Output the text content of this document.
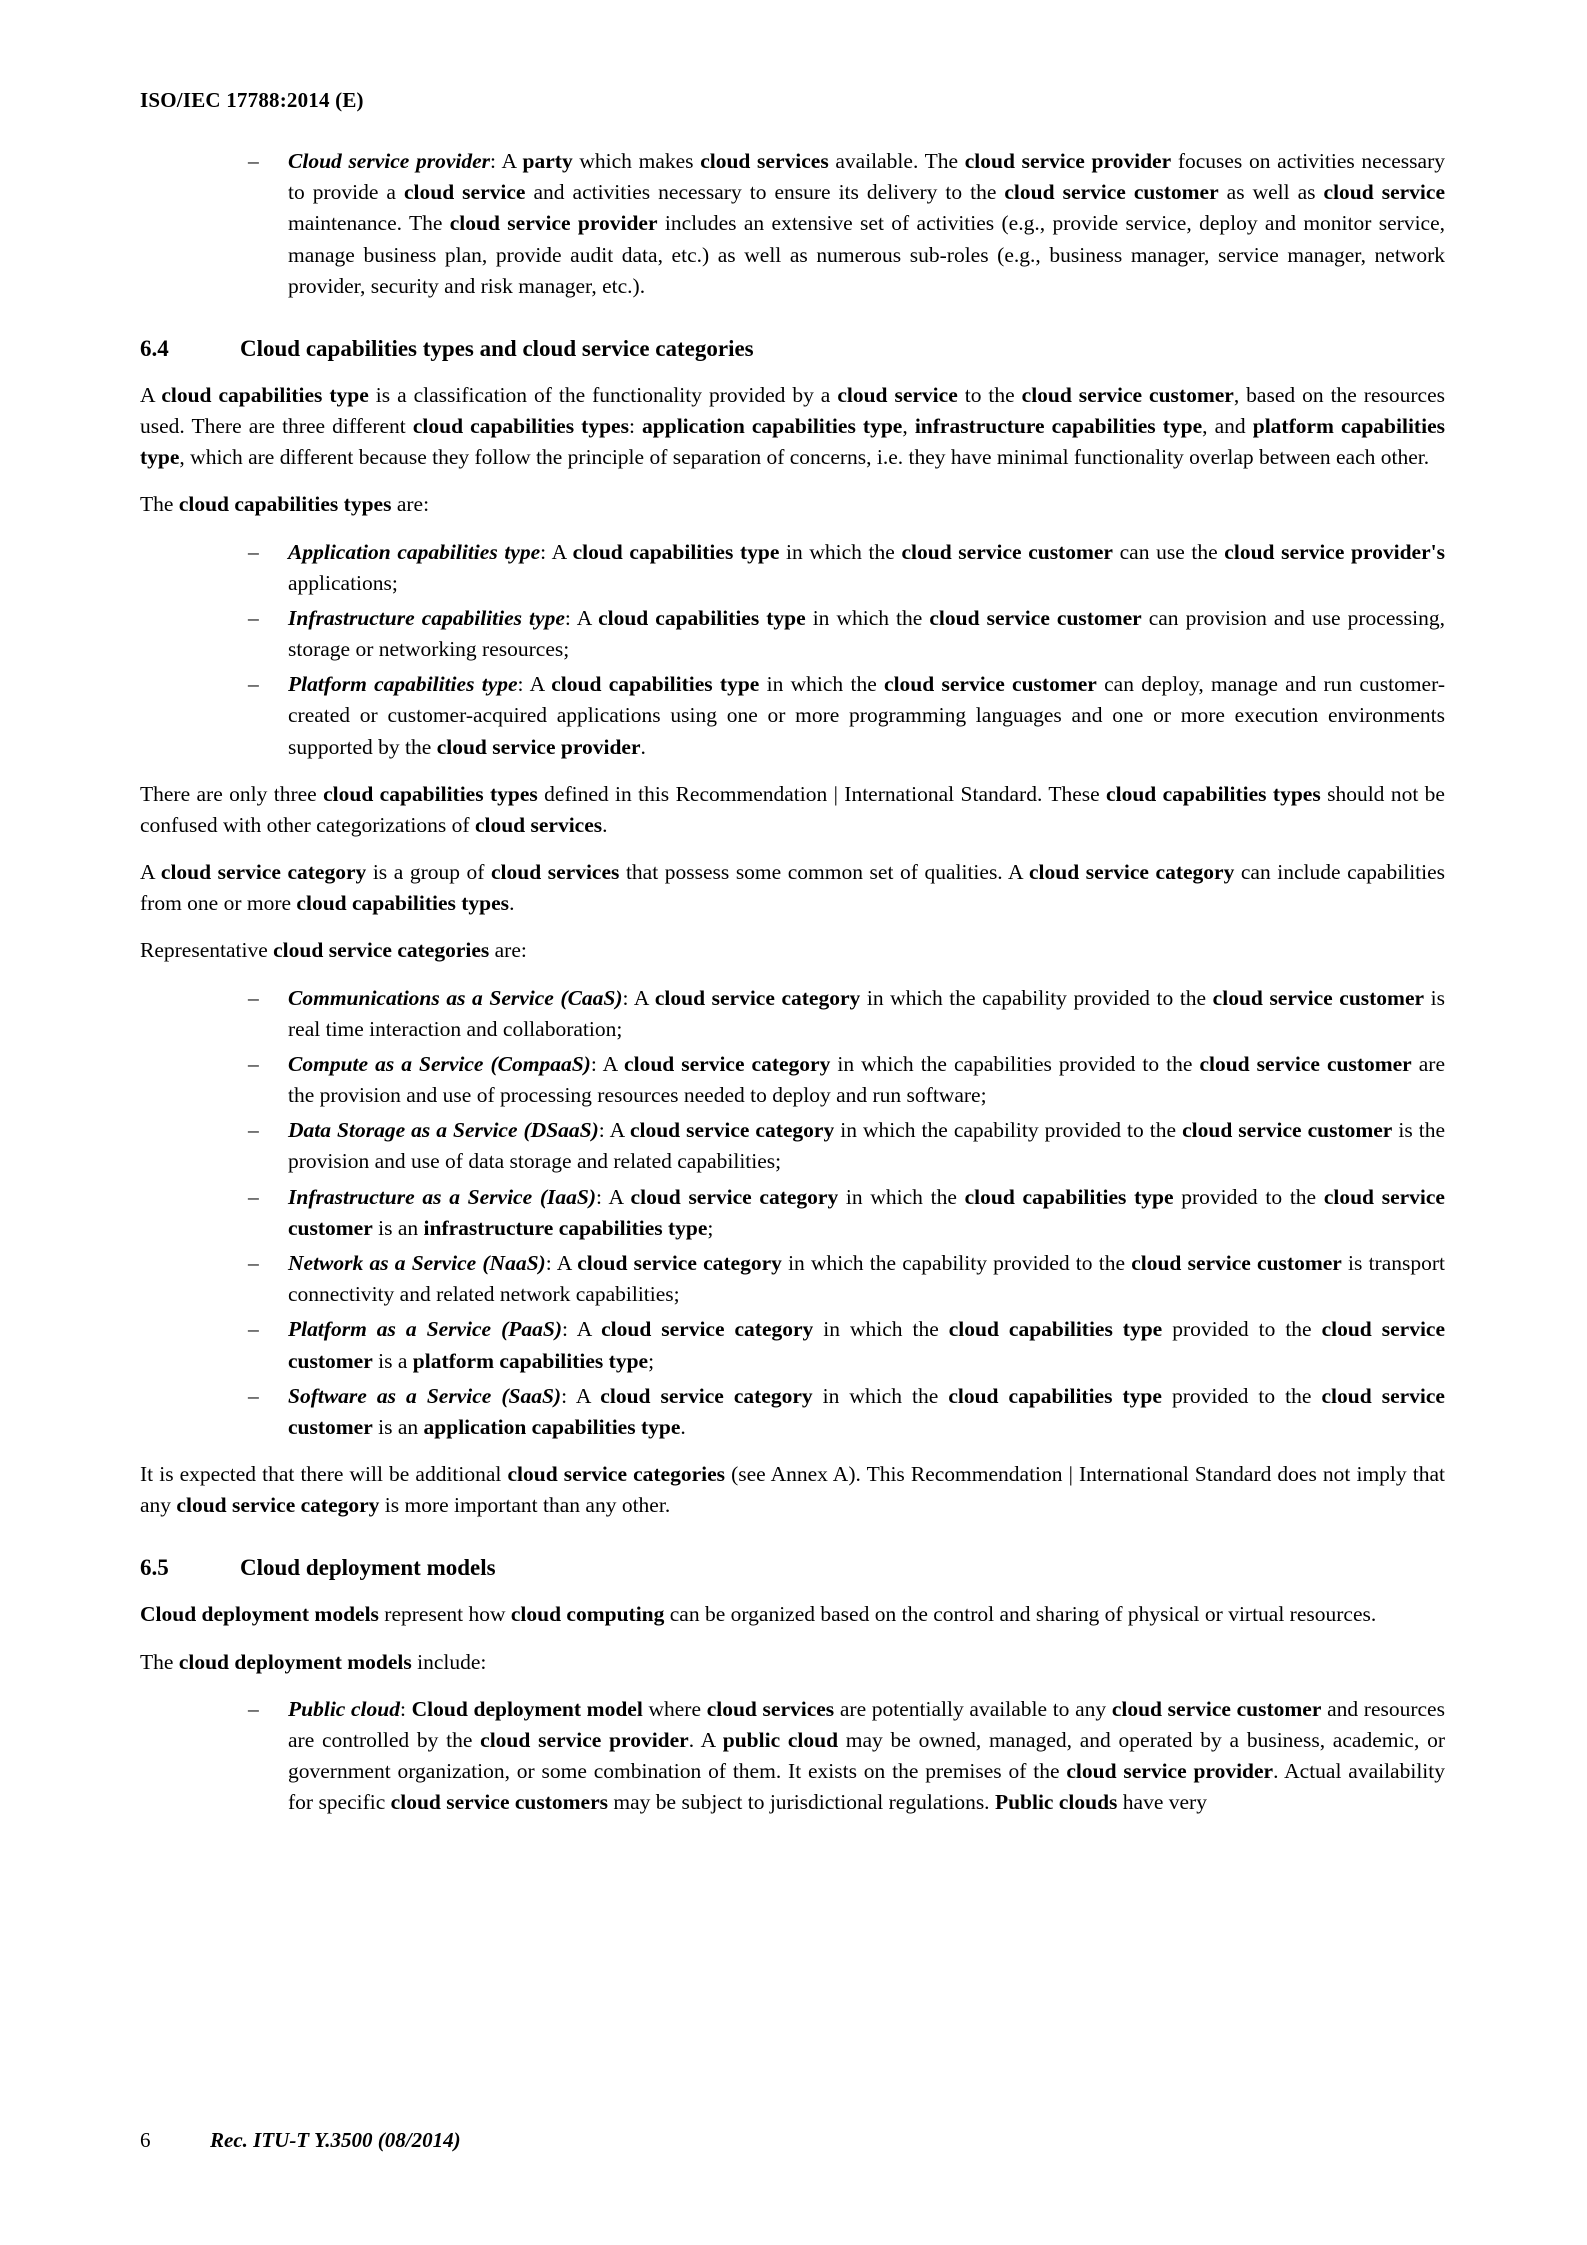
ISO/IEC 17788:2014 (E)
– Cloud service provider: A party which makes cloud services available. The cloud service provider focuses on activities necessary to provide a cloud service and activities necessary to ensure its delivery to the cloud service customer as well as cloud service maintenance. The cloud service provider includes an extensive set of activities (e.g., provide service, deploy and monitor service, manage business plan, provide audit data, etc.) as well as numerous sub-roles (e.g., business manager, service manager, network provider, security and risk manager, etc.).
6.4	Cloud capabilities types and cloud service categories

A cloud capabilities type is a classification of the functionality provided by a cloud service to the cloud service customer, based on the resources used. There are three different cloud capabilities types: application capabilities type, infrastructure capabilities type, and platform capabilities type, which are different because they follow the principle of separation of concerns, i.e. they have minimal functionality overlap between each other.

The cloud capabilities types are:

– Application capabilities type: A cloud capabilities type in which the cloud service customer can use the cloud service provider's applications;
– Infrastructure capabilities type: A cloud capabilities type in which the cloud service customer can provision and use processing, storage or networking resources;
– Platform capabilities type: A cloud capabilities type in which the cloud service customer can deploy, manage and run customer-created or customer-acquired applications using one or more programming languages and one or more execution environments supported by the cloud service provider.

There are only three cloud capabilities types defined in this Recommendation | International Standard. These cloud capabilities types should not be confused with other categorizations of cloud services.

A cloud service category is a group of cloud services that possess some common set of qualities. A cloud service category can include capabilities from one or more cloud capabilities types.

Representative cloud service categories are:

– Communications as a Service (CaaS): A cloud service category in which the capability provided to the cloud service customer is real time interaction and collaboration;
– Compute as a Service (CompaaS): A cloud service category in which the capabilities provided to the cloud service customer are the provision and use of processing resources needed to deploy and run software;
– Data Storage as a Service (DSaaS): A cloud service category in which the capability provided to the cloud service customer is the provision and use of data storage and related capabilities;
– Infrastructure as a Service (IaaS): A cloud service category in which the cloud capabilities type provided to the cloud service customer is an infrastructure capabilities type;
– Network as a Service (NaaS): A cloud service category in which the capability provided to the cloud service customer is transport connectivity and related network capabilities;
– Platform as a Service (PaaS): A cloud service category in which the cloud capabilities type provided to the cloud service customer is a platform capabilities type;
– Software as a Service (SaaS): A cloud service category in which the cloud capabilities type provided to the cloud service customer is an application capabilities type.

It is expected that there will be additional cloud service categories (see Annex A). This Recommendation | International Standard does not imply that any cloud service category is more important than any other.

6.5	Cloud deployment models

Cloud deployment models represent how cloud computing can be organized based on the control and sharing of physical or virtual resources.

The cloud deployment models include:

– Public cloud: Cloud deployment model where cloud services are potentially available to any cloud service customer and resources are controlled by the cloud service provider. A public cloud may be owned, managed, and operated by a business, academic, or government organization, or some combination of them. It exists on the premises of the cloud service provider. Actual availability for specific cloud service customers may be subject to jurisdictional regulations. Public clouds have very
6	Rec. ITU-T Y.3500 (08/2014)
